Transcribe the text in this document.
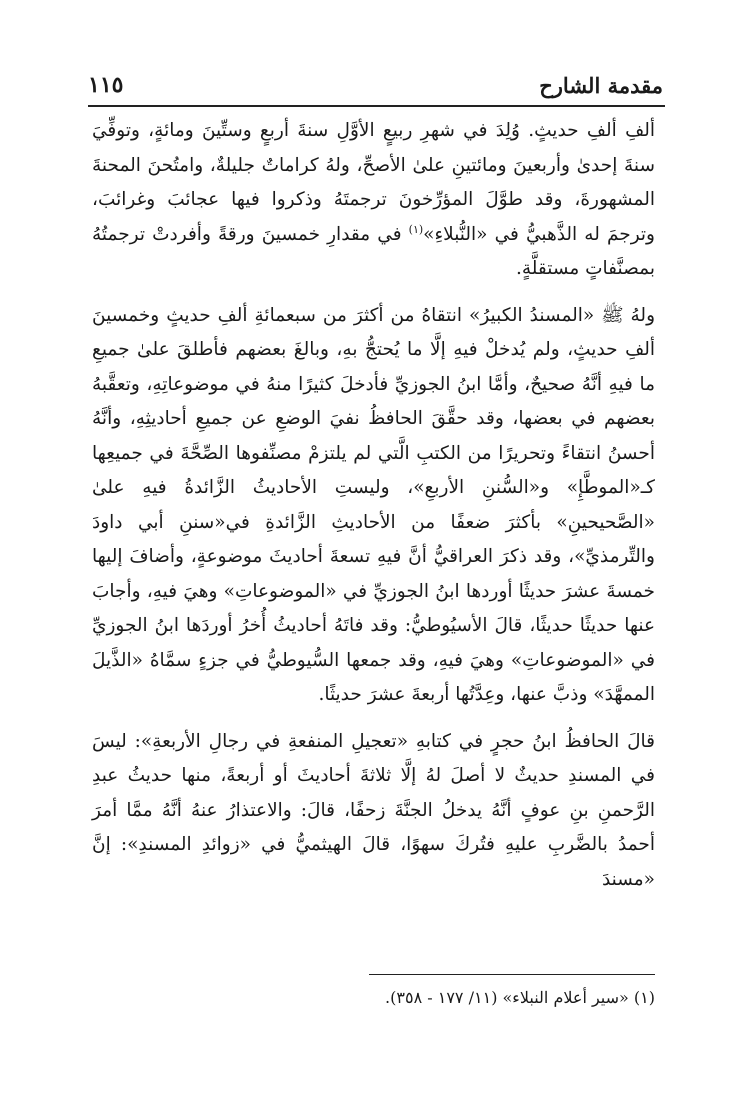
مقدمة الشارح
١١٥

ألفِ ألفِ حديثٍ. وُلِدَ في شهرِ ربيعٍ الأوَّلِ سنةَ أربعٍ وستِّينَ ومائةٍ، وتوفِّيَ سنةَ إحدىٰ وأربعينَ ومائتينِ علىٰ الأصحِّ، ولهُ كراماتٌ جليلةٌ، وامتُحنَ المحنةَ المشهورةَ، وقد طوَّلَ المؤرِّخونَ ترجمتَهُ وذكروا فيها عجائبَ وغرائبَ، وترجمَ له الذَّهبيُّ في «النُّبلاءِ»$^{(١)}$ في مقدارِ خمسينَ ورقةً وأفردتْ ترجمتُهُ بمصنَّفاتٍ مستقلَّةٍ.

ولهُ ﷺ «المسندُ الكبيرُ» انتقاهُ من أكثرَ من سبعمائةِ ألفِ حديثٍ وخمسينَ ألفِ حديثٍ، ولم يُدخلْ فيهِ إلَّا ما يُحتجُّ بهِ، وبالغَ بعضهم فأطلقَ علىٰ جميعِ ما فيهِ أنَّهُ صحيحٌ، وأمَّا ابنُ الجوزيِّ فأدخلَ كثيرًا منهُ في موضوعاتِهِ، وتعقَّبهُ بعضهم في بعضها، وقد حقَّقَ الحافظُ نفيَ الوضعِ عن جميعِ أحاديثِهِ، وأنَّهُ أحسنُ انتقاءً وتحريرًا من الكتبِ الَّتي لم يلتزمْ مصنِّفوها الصِّحَّةَ في جميعِها كـ«الموطَّإِ» و«السُّننِ الأربعِ»، وليستِ الأحاديثُ الزَّائدةُ فيهِ علىٰ «الصَّحيحينِ» بأكثرَ ضعفًا من الأحاديثِ الزَّائدةِ في«سننِ أبي داودَ والتِّرمذيِّ»، وقد ذكرَ العراقيُّ أنَّ فيهِ تسعةَ أحاديثَ موضوعةٍ، وأضافَ إليها خمسةَ عشرَ حديثًا أوردها ابنُ الجوزيِّ في «الموضوعاتِ» وهيَ فيهِ، وأجابَ عنها حديثًا حديثًا، قالَ الأسيُوطيُّ: وقد فاتَهُ أحاديثُ أُخرُ أوردَها ابنُ الجوزيِّ في «الموضوعاتِ» وهيَ فيهِ، وقد جمعها السُّيوطيُّ في جزءٍ سمَّاهُ «الذَّيلَ الممهَّدَ» وذبَّ عنها، وعِدَّتُها أربعةَ عشرَ حديثًا.

قالَ الحافظُ ابنُ حجرٍ في كتابهِ «تعجيلِ المنفعةِ في رجالِ الأربعةِ»: ليسَ في المسندِ حديثٌ لا أصلَ لهُ إلَّا ثلاثةَ أحاديثَ أو أربعةً، منها حديثُ عبدِ الرَّحمنِ بنِ عوفٍ أنَّهُ يدخلُ الجنَّةَ زحفًا، قالَ: والاعتذارُ عنهُ أنَّهُ ممَّا أمرَ أحمدُ بالضَّربِ عليهِ فتُركَ سهوًا، قالَ الهيثميُّ في «زوائدِ المسندِ»: إنَّ «مسندَ

(١) «سير أعلام النبلاء» (١١/ ١٧٧ - ٣٥٨).
